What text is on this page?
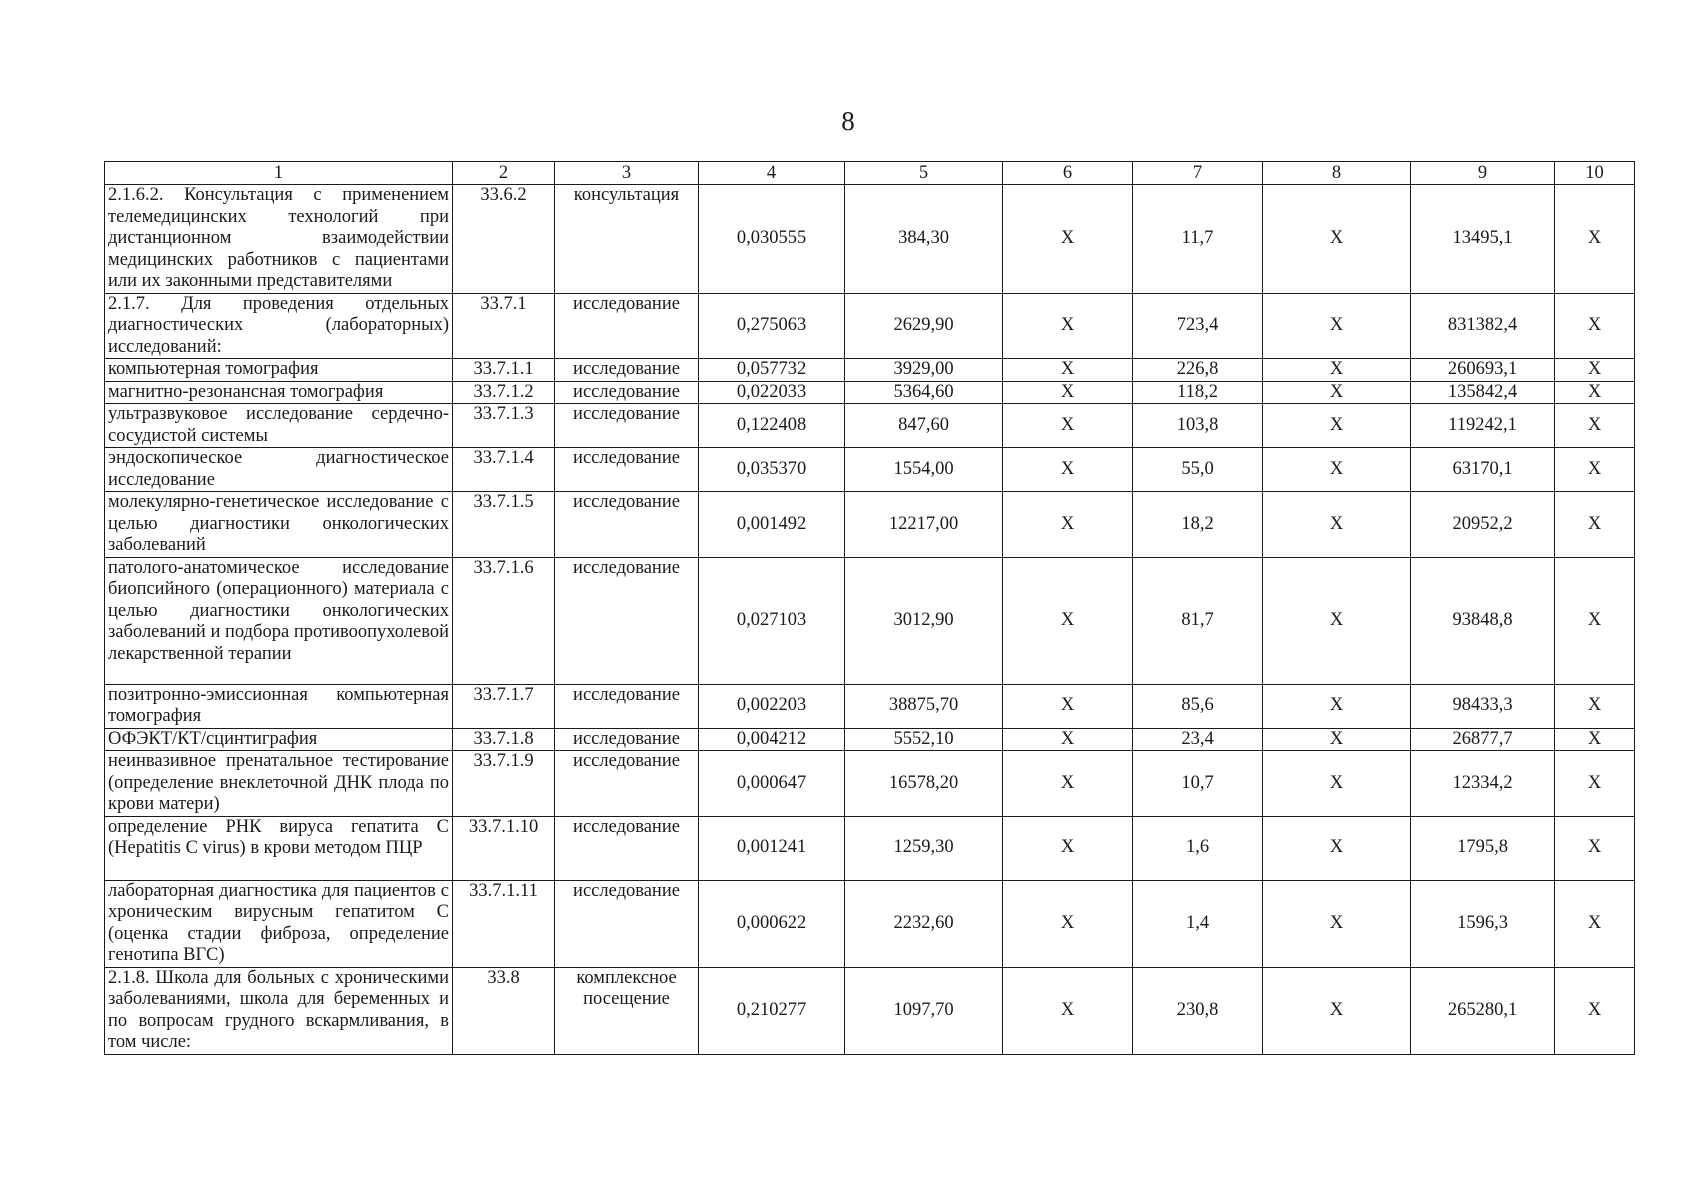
8
1	2	3	4	5	6	7	8	9	10
2.1.6.2. Консультация с применением телемедицинских технологий при дистанционном взаимодействии медицинских работников с пациентами или их законными представителями	33.6.2	консультация	0,030555	384,30	X	11,7	X	13495,1	X
2.1.7. Для проведения отдельных диагностических (лабораторных) исследований:	33.7.1	исследование	0,275063	2629,90	X	723,4	X	831382,4	X
компьютерная томография	33.7.1.1	исследование	0,057732	3929,00	X	226,8	X	260693,1	X
магнитно-резонансная томография	33.7.1.2	исследование	0,022033	5364,60	X	118,2	X	135842,4	X
ультразвуковое исследование сердечно-сосудистой системы	33.7.1.3	исследование	0,122408	847,60	X	103,8	X	119242,1	X
эндоскопическое диагностическое исследование	33.7.1.4	исследование	0,035370	1554,00	X	55,0	X	63170,1	X
молекулярно-генетическое исследование с целью диагностики онкологических заболеваний	33.7.1.5	исследование	0,001492	12217,00	X	18,2	X	20952,2	X
патолого-анатомическое исследование биопсийного (операционного) материала с целью диагностики онкологических заболеваний и подбора противоопухолевой лекарственной терапии	33.7.1.6	исследование	0,027103	3012,90	X	81,7	X	93848,8	X
позитронно-эмиссионная компьютерная томография	33.7.1.7	исследование	0,002203	38875,70	X	85,6	X	98433,3	X
ОФЭКТ/КТ/сцинтиграфия	33.7.1.8	исследование	0,004212	5552,10	X	23,4	X	26877,7	X
неинвазивное пренатальное тестирование (определение внеклеточной ДНК плода по крови матери)	33.7.1.9	исследование	0,000647	16578,20	X	10,7	X	12334,2	X
определение РНК вируса гепатита C (Hepatitis C virus) в крови методом ПЦР	33.7.1.10	исследование	0,001241	1259,30	X	1,6	X	1795,8	X
лабораторная диагностика для пациентов с хроническим вирусным гепатитом C (оценка стадии фиброза, определение генотипа ВГС)	33.7.1.11	исследование	0,000622	2232,60	X	1,4	X	1596,3	X
2.1.8. Школа для больных с хроническими заболеваниями, школа для беременных и по вопросам грудного вскармливания, в том числе:	33.8	комплексное посещение	0,210277	1097,70	X	230,8	X	265280,1	X
